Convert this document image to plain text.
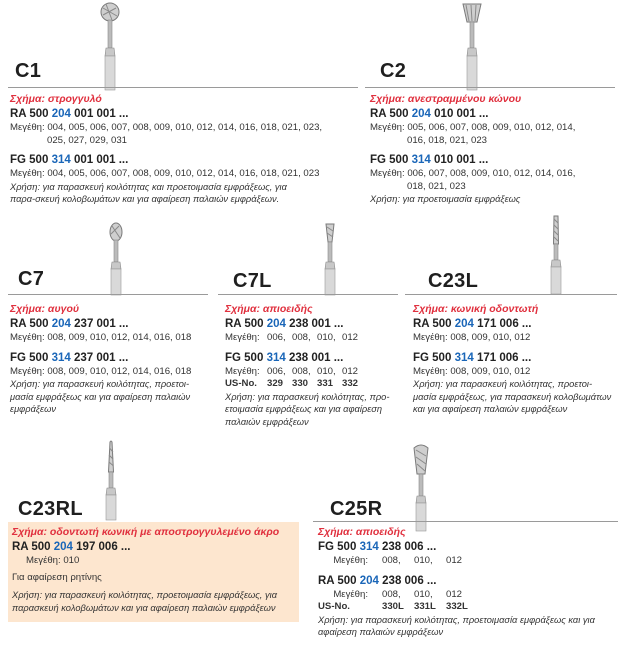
C1
Σχήμα: στρογγυλό
RA 500 204 001 001 ...
Μεγέθη: 004, 005, 006, 007, 008, 009, 010, 012, 014, 016, 018, 021, 023,
025, 027, 029, 031
FG 500 314 001 001 ...
Μεγέθη: 004, 005, 006, 007, 008, 009, 010, 012, 014, 016, 018, 021, 023
Χρήση: για παρασκευή κοιλότητας και προετοιμασία εμφράξεως, για παρα-σκευή κολοβωμάτων και για αφαίρεση παλαιών εμφράξεων.
C2
Σχήμα: ανεστραμμένου κώνου
RA 500 204 010 001 ...
Μεγέθη: 005, 006, 007, 008, 009, 010, 012, 014,
016, 018, 021, 023
FG 500 314 010 001 ...
Μεγέθη: 006, 007, 008, 009, 010, 012, 014, 016,
018, 021, 023
Χρήση: για προετοιμασία εμφράξεως
C7
Σχήμα: αυγού
RA 500 204 237 001 ...
Μεγέθη: 008, 009, 010, 012, 014, 016, 018
FG 500 314 237 001 ...
Μεγέθη: 008, 009, 010, 012, 014, 016, 018
Χρήση: για παρασκευή κοιλότητας, προετοι-μασία εμφράξεως και για αφαίρεση παλαιών εμφράξεων
C7L
Σχήμα: απιοειδής
RA 500 204 238 001 ...
Μεγέθη: 006, 008, 010, 012
FG 500 314 238 001 ...
Μεγέθη: 006, 008, 010, 012
US-No.	329 330 331 332
Χρήση: για παρασκευή κοιλότητας, προ-ετοιμασία εμφράξεως και για αφαίρεση παλαιών εμφράξεων
C23L
Σχήμα: κωνική οδοντωτή
RA 500 204 171 006 ...
Μεγέθη: 008, 009, 010, 012
FG 500 314 171 006 ...
Μεγέθη: 008, 009, 010, 012
Χρήση: για παρασκευή κοιλότητας, προετοι-μασία εμφράξεως, για παρασκευή κολοβωμάτων και για αφαίρεση παλαιών εμφράξεων
C23RL
Σχήμα: οδοντωτή κωνική με αποστρογγυλεμένο άκρο
RA 500 204 197 006 ...
Μεγέθη: 010
Για αφαίρεση ρητίνης
Χρήση: για παρασκευή κοιλότητας, προετοιμασία εμφράξεως, για παρασκευή κολοβωμάτων και για αφαίρεση παλαιών εμφράξεων
C25R
Σχήμα: απιοειδής
FG 500 314 238 006 ...
Μεγέθη:	008,	010,	012
RA 500 204 238 006 ...
Μεγέθη:	008,	010,	012
US-No.	330L	331L	332L
Χρήση: για παρασκευή κοιλότητας, προετοιμασία εμφράξεως και για αφαίρεση παλαιών εμφράξεων
